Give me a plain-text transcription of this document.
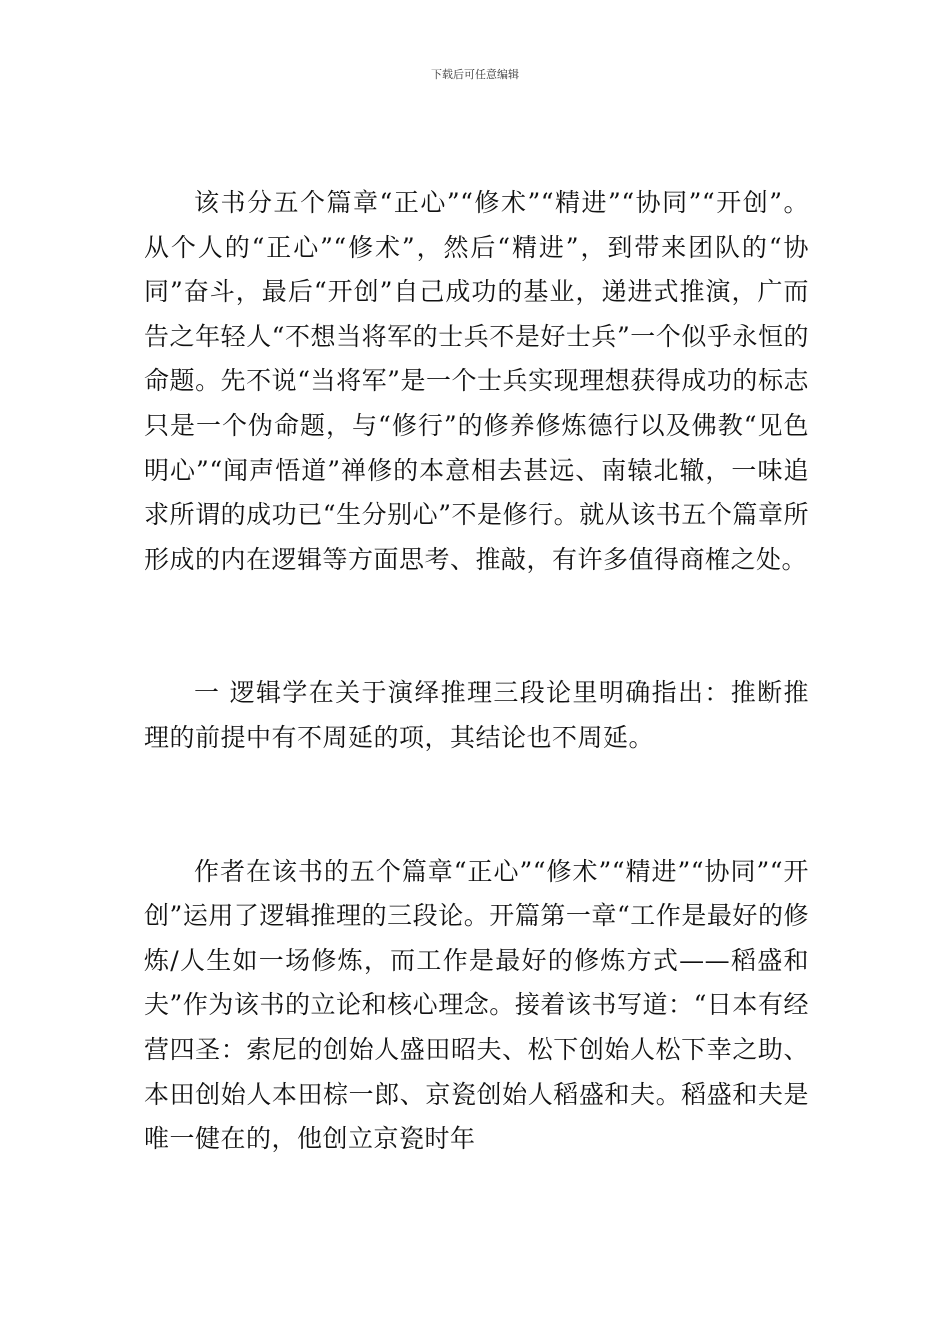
下载后可任意编辑

该书分五个篇章“正心”“修术”“精进”“协同”“开创”。从个人的“正心”“修术”，然后“精进”，到带来团队的“协同”奋斗，最后“开创”自己成功的基业，递进式推演，广而告之年轻人“不想当将军的士兵不是好士兵”一个似乎永恒的命题。先不说“当将军”是一个士兵实现理想获得成功的标志只是一个伪命题，与“修行”的修养修炼德行以及佛教“见色明心”“闻声悟道”禅修的本意相去甚远、南辕北辙，一味追求所谓的成功已“生分别心”不是修行。就从该书五个篇章所形成的内在逻辑等方面思考、推敲，有许多值得商榷之处。

一 逻辑学在关于演绎推理三段论里明确指出：推断推理的前提中有不周延的项，其结论也不周延。

作者在该书的五个篇章“正心”“修术”“精进”“协同”“开创”运用了逻辑推理的三段论。开篇第一章“工作是最好的修炼/人生如一场修炼，而工作是最好的修炼方式——稻盛和夫”作为该书的立论和核心理念。接着该书写道：“日本有经营四圣：索尼的创始人盛田昭夫、松下创始人松下幸之助、本田创始人本田棕一郎、京瓷创始人稻盛和夫。稻盛和夫是唯一健在的，他创立京瓷时年
